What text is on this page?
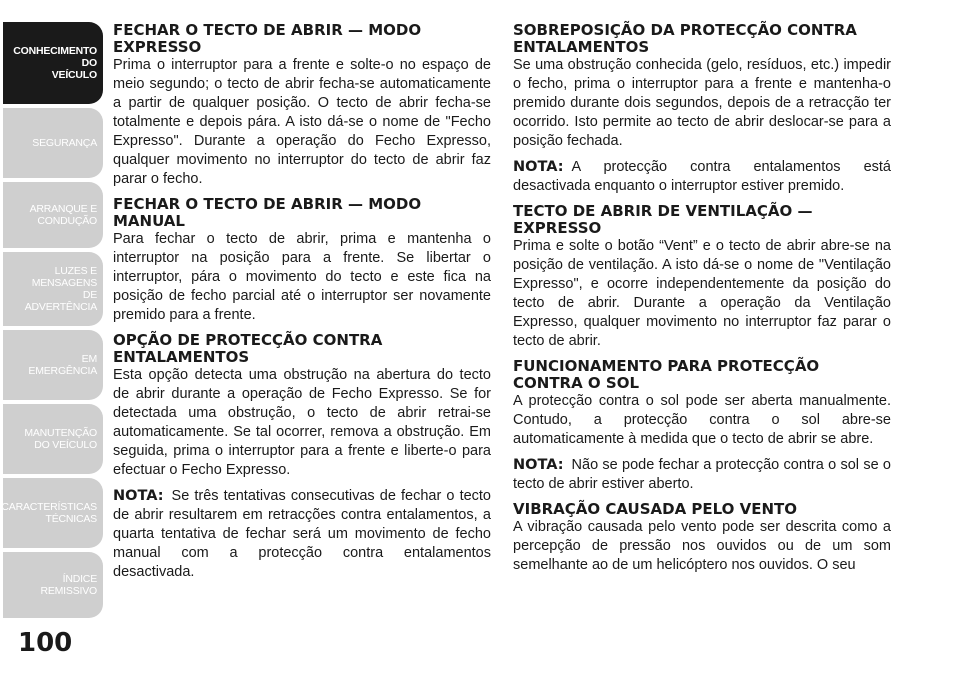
CONHECIMENTO
DO
VEÍCULO
SEGURANÇA
ARRANQUE E
CONDUÇÃO
LUZES E
MENSAGENS
DE
ADVERTÊNCIA
EM
EMERGÊNCIA
MANUTENÇÃO
DO VEÍCULO
CARACTERÍSTICAS
TÉCNICAS
ÍNDICE
REMISSIVO
100
FECHAR O TECTO DE ABRIR — MODO EXPRESSO

Prima o interruptor para a frente e solte-o no espaço de meio segundo; o tecto de abrir fecha-se automaticamente a partir de qualquer posição. O tecto de abrir fecha-se totalmente e depois pára. A isto dá-se o nome de "Fecho Expresso". Durante a operação do Fecho Expresso, qualquer movimento no interruptor do tecto de abrir faz parar o fecho.

FECHAR O TECTO DE ABRIR — MODO MANUAL

Para fechar o tecto de abrir, prima e mantenha o interruptor na posição para a frente. Se libertar o interruptor, pára o movimento do tecto e este fica na posição de fecho parcial até o interruptor ser novamente premido para a frente.

OPÇÃO DE PROTECÇÃO CONTRA ENTALAMENTOS

Esta opção detecta uma obstrução na abertura do tecto de abrir durante a operação de Fecho Expresso. Se for detectada uma obstrução, o tecto de abrir retrai-se automaticamente. Se tal ocorrer, remova a obstrução. Em seguida, prima o interruptor para a frente e liberte-o para efectuar o Fecho Expresso.

NOTA: Se três tentativas consecutivas de fechar o tecto de abrir resultarem em retracções contra entalamentos, a quarta tentativa de fechar será um movimento de fecho manual com a protecção contra entalamentos desactivada.

SOBREPOSIÇÃO DA PROTECÇÃO CONTRA ENTALAMENTOS

Se uma obstrução conhecida (gelo, resíduos, etc.) impedir o fecho, prima o interruptor para a frente e mantenha-o premido durante dois segundos, depois de a retracção ter ocorrido. Isto permite ao tecto de abrir deslocar-se para a posição fechada.

NOTA: A protecção contra entalamentos está desactivada enquanto o interruptor estiver premido.

TECTO DE ABRIR DE VENTILAÇÃO — EXPRESSO

Prima e solte o botão “Vent” e o tecto de abrir abre-se na posição de ventilação. A isto dá-se o nome de "Ventilação Expresso", e ocorre independentemente da posição do tecto de abrir. Durante a operação da Ventilação Expresso, qualquer movimento no interruptor faz parar o tecto de abrir.

FUNCIONAMENTO PARA PROTECÇÃO CONTRA O SOL

A protecção contra o sol pode ser aberta manualmente. Contudo, a protecção contra o sol abre-se automaticamente à medida que o tecto de abrir se abre.

NOTA: Não se pode fechar a protecção contra o sol se o tecto de abrir estiver aberto.

VIBRAÇÃO CAUSADA PELO VENTO

A vibração causada pelo vento pode ser descrita como a percepção de pressão nos ouvidos ou de um som semelhante ao de um helicóptero nos ouvidos. O seu
